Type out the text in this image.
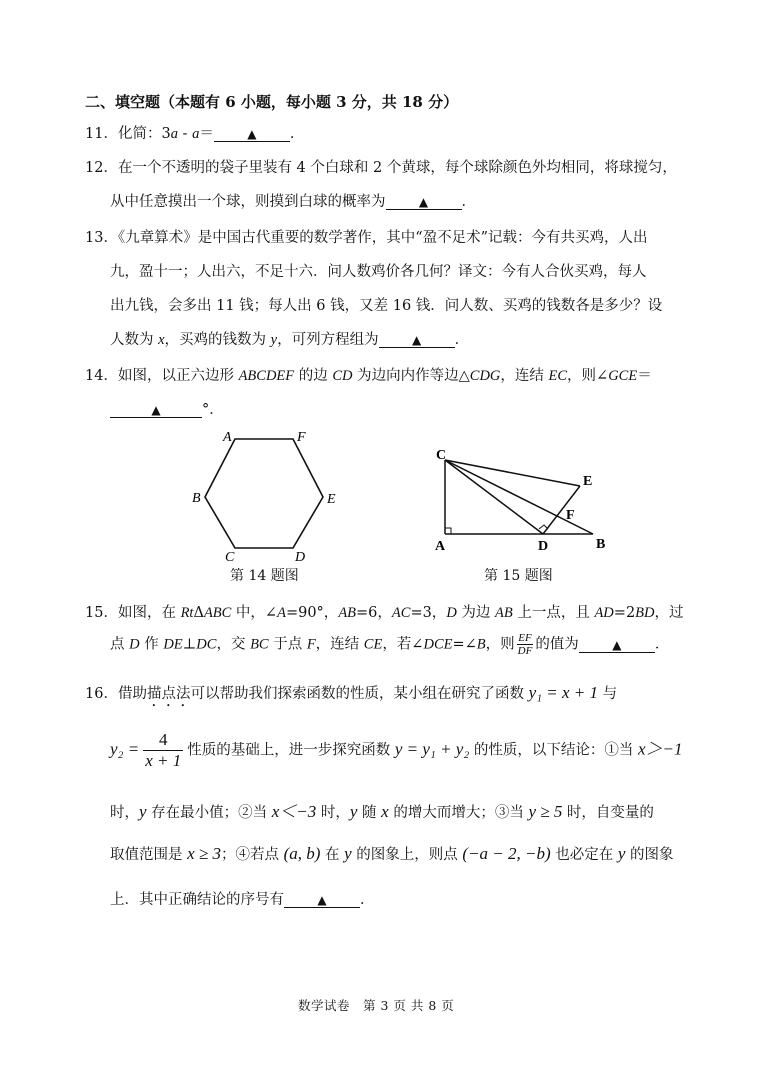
二、填空题（本题有 6 小题，每小题 3 分，共 18 分）
11．化简：3a - a＝	▲ ．
12．在一个不透明的袋子里装有 4 个白球和 2 个黄球，每个球除颜色外均相同，将球搅匀，
从中任意摸出一个球，则摸到白球的概率为	▲ ．
13．《九章算术》是中国古代重要的数学著作，其中“盈不足术”记载：今有共买鸡，人出
九，盈十一；人出六，不足十六．问人数鸡价各几何？译文：今有人合伙买鸡，每人
出九钱，会多出 11 钱；每人出 6 钱，又差 16 钱．问人数、买鸡的钱数各是多少？设
人数为 x，买鸡的钱数为 y，可列方程组为	▲ ．
14．如图，以正六边形 ABCDEF 的边 CD 为边向内作等边△CDG，连结 EC，则∠GCE＝
▲	°．
A	F
B	E
C	D
第 14 题图
C
E
F
A	D	B
第 15 题图
15．如图，在 RtΔABC 中，∠A=90°，AB=6，AC=3，D 为边 AB 上一点，且 AD=2BD，过
点 D 作 DE⊥DC，交 BC 于点 F，连结 CE，若∠DCE=∠B，则 $\frac{EF}{DF}$ 的值为	▲ ．
16．借助描点法可以帮助我们探索函数的性质，某小组在研究了函数 y₁ = x + 1 与
$y_2 = \frac{4}{x + 1}$ 性质的基础上，进一步探究函数 y = y₁ + y₂ 的性质，以下结论：①当 x＞−1
时，y 存在最小值；②当 x＜−3 时，y 随 x 的增大而增大；③当 y ≥ 5 时，自变量的
取值范围是 x ≥ 3；④若点 (a, b) 在 y 的图象上，则点 (−a − 2, −b) 也必定在 y 的图象
上．其中正确结论的序号有	▲ ．
数学试卷　第 3 页 共 8 页
